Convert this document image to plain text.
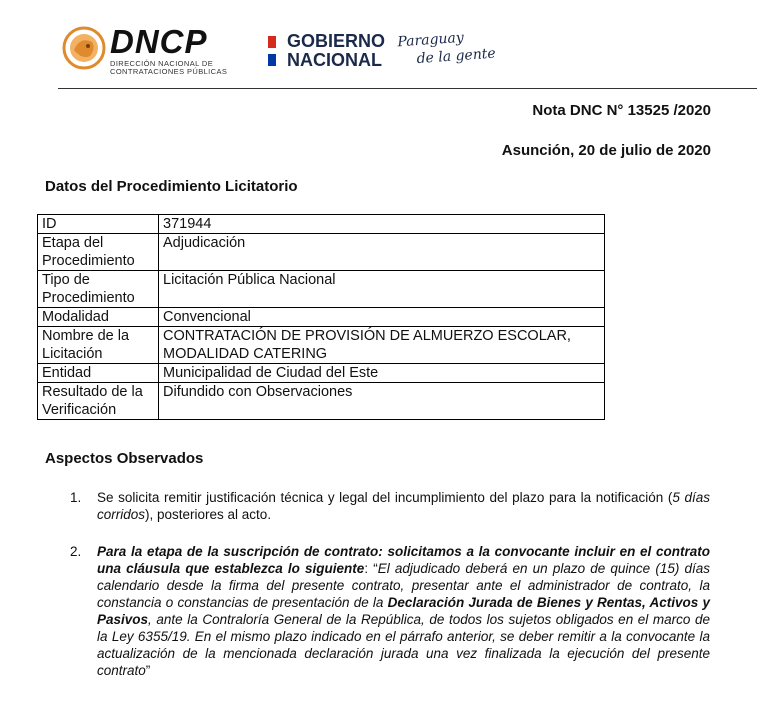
DNCP
DIRECCIÓN NACIONAL DE
CONTRATACIONES PÚBLICAS
GOBIERNO
NACIONAL
Paraguay
de la gente
Nota DNC N° 13525 /2020
Asunción, 20 de julio de 2020
Datos del Procedimiento Licitatorio
ID	371944
Etapa del Procedimiento	Adjudicación
Tipo de Procedimiento	Licitación Pública Nacional
Modalidad	Convencional
Nombre de la Licitación	CONTRATACIÓN DE PROVISIÓN DE ALMUERZO ESCOLAR, MODALIDAD CATERING
Entidad	Municipalidad de Ciudad del Este
Resultado de la Verificación	Difundido con Observaciones
Aspectos Observados
1. Se solicita remitir justificación técnica y legal del incumplimiento del plazo para la notificación (5 días corridos), posteriores al acto.
2. Para la etapa de la suscripción de contrato: solicitamos a la convocante incluir en el contrato una cláusula que establezca lo siguiente: “El adjudicado deberá en un plazo de quince (15) días calendario desde la firma del presente contrato, presentar ante el administrador de contrato, la constancia o constancias de presentación de la Declaración Jurada de Bienes y Rentas, Activos y Pasivos, ante la Contraloría General de la República, de todos los sujetos obligados en el marco de la Ley 6355/19. En el mismo plazo indicado en el párrafo anterior, se deber remitir a la convocante la actualización de la mencionada declaración jurada una vez finalizada la ejecución del presente contrato”
